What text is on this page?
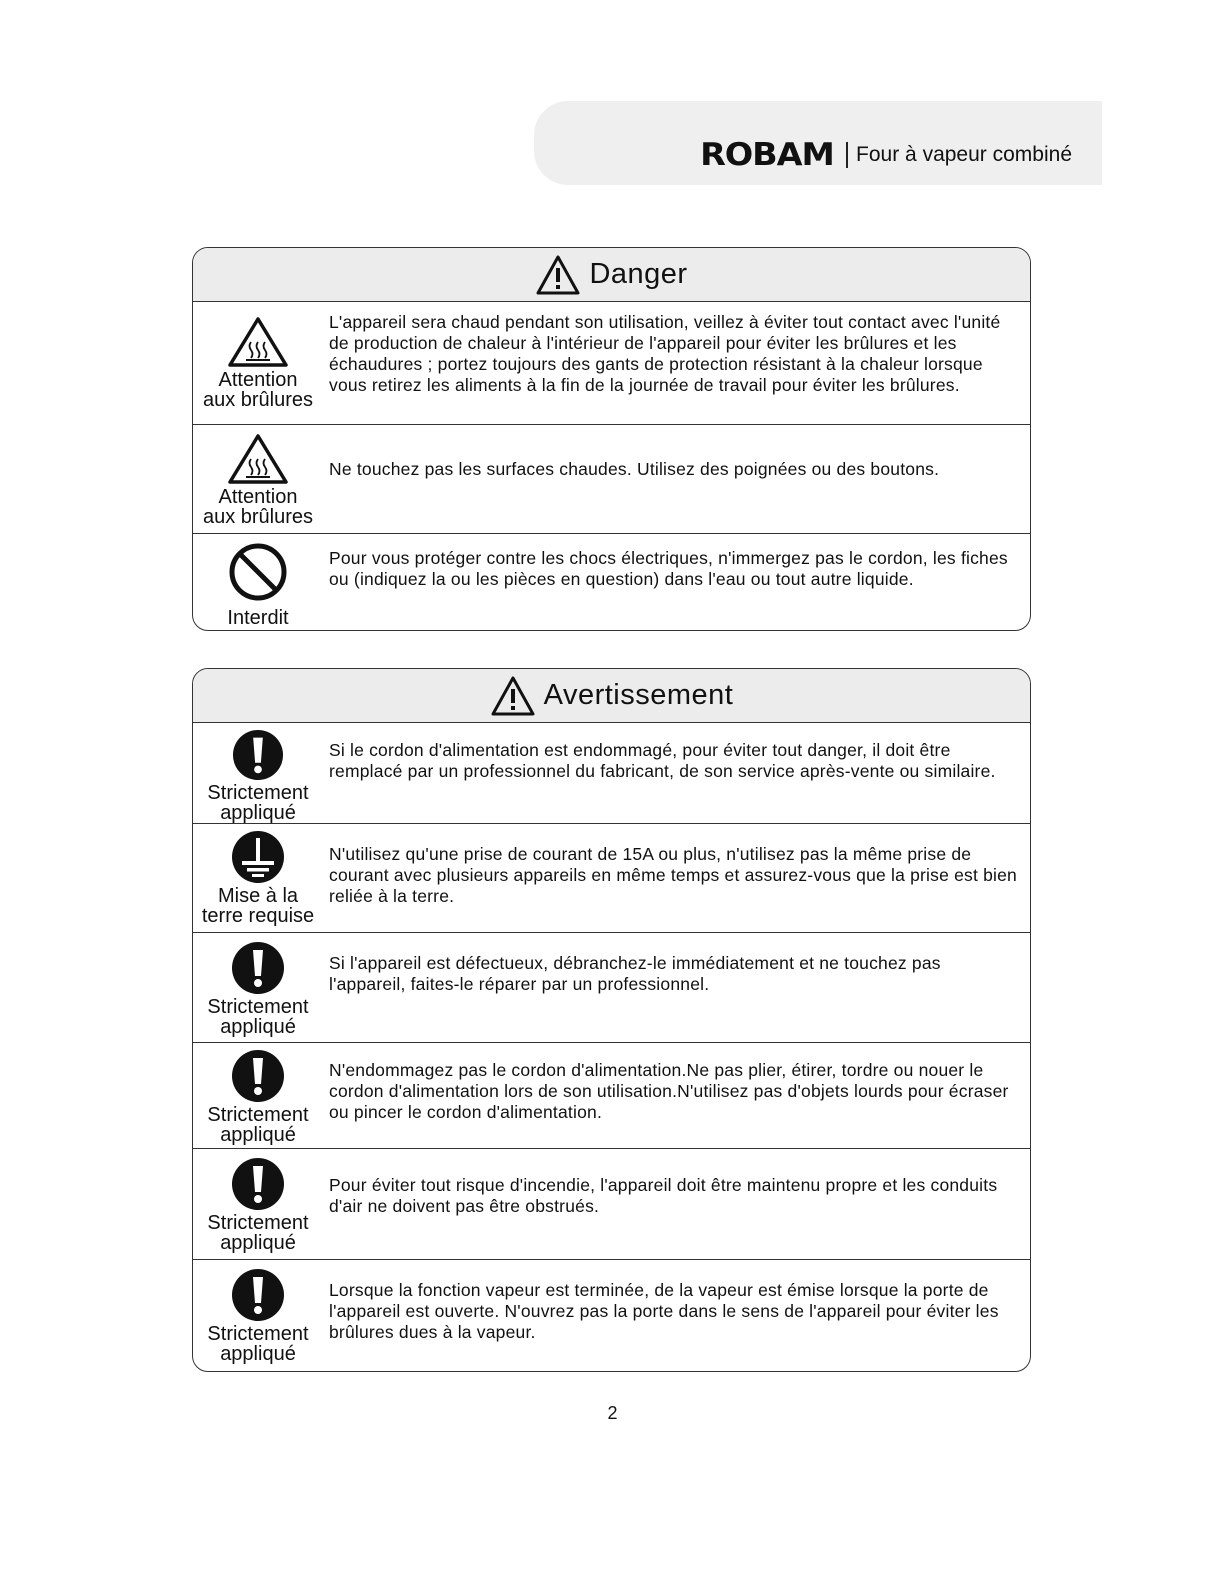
ROBAM Four à vapeur combiné
Danger
Attention
aux brûlures
L'appareil sera chaud pendant son utilisation, veillez à éviter tout contact avec l'unité de production de chaleur à l'intérieur de l'appareil pour éviter les brûlures et les échaudures ; portez toujours des gants de protection résistant à la chaleur lorsque vous retirez les aliments à la fin de la journée de travail pour éviter les brûlures.
Attention
aux brûlures
Ne touchez pas les surfaces chaudes. Utilisez des poignées ou des boutons.
Interdit
Pour vous protéger contre les chocs électriques, n'immergez pas le cordon, les fiches ou (indiquez la ou les pièces en question) dans l'eau ou tout autre liquide.
Avertissement
Strictement
appliqué
Si le cordon d'alimentation est endommagé, pour éviter tout danger, il doit être remplacé par un professionnel du fabricant, de son service après-vente ou similaire.
Mise à la
terre requise
N'utilisez qu'une prise de courant de 15A ou plus, n'utilisez pas la même prise de courant avec plusieurs appareils en même temps et assurez-vous que la prise est bien reliée à la terre.
Strictement
appliqué
Si l'appareil est défectueux, débranchez-le immédiatement et ne touchez pas l'appareil, faites-le réparer par un professionnel.
Strictement
appliqué
N'endommagez pas le cordon d'alimentation.Ne pas plier, étirer, tordre ou nouer le cordon d'alimentation lors de son utilisation.N'utilisez pas d'objets lourds pour écraser ou pincer le cordon d'alimentation.
Strictement
appliqué
Pour éviter tout risque d'incendie, l'appareil doit être maintenu propre et les conduits d'air ne doivent pas être obstrués.
Strictement
appliqué
Lorsque la fonction vapeur est terminée, de la vapeur est émise lorsque la porte de l'appareil est ouverte. N'ouvrez pas la porte dans le sens de l'appareil pour éviter les brûlures dues à la vapeur.
2
